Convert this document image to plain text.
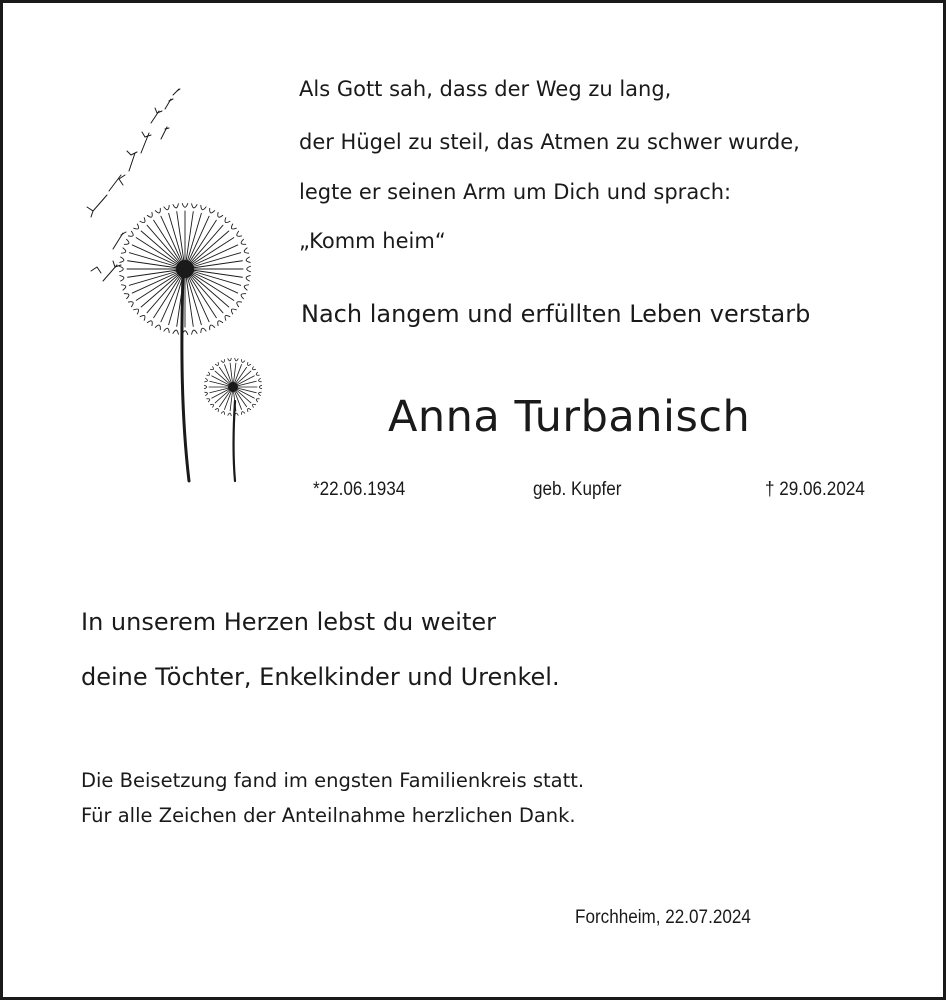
Als Gott sah, dass der Weg zu lang,
der Hügel zu steil, das Atmen zu schwer wurde,
legte er seinen Arm um Dich und sprach:
„Komm heim“
Nach langem und erfüllten Leben verstarb
Anna Turbanisch
*22.06.1934	geb. Kupfer	† 29.06.2024
In unserem Herzen lebst du weiter
deine Töchter, Enkelkinder und Urenkel.
Die Beisetzung fand im engsten Familienkreis statt.
Für alle Zeichen der Anteilnahme herzlichen Dank.
Forchheim, 22.07.2024
